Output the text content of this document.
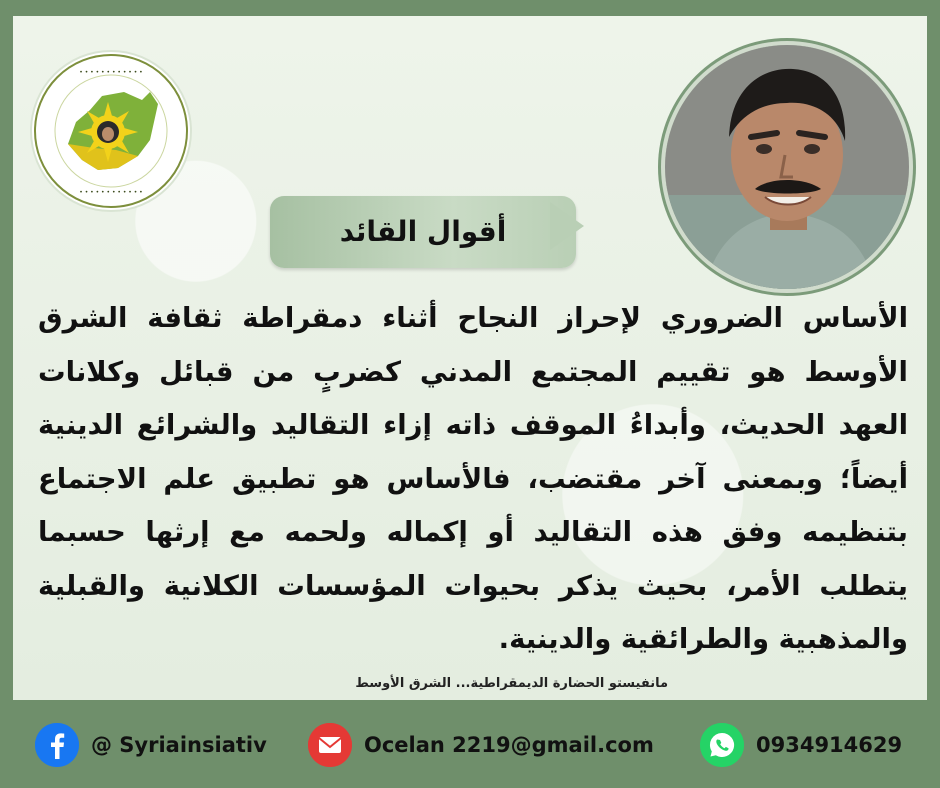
• • • • • • • • • • • •
• • • • • • • • • • • •
أقوال القائد
الأساس الضروري لإحراز النجاح أثناء دمقراطة ثقافة الشرق الأوسط هو تقييم المجتمع المدني كضربٍ من قبائل وكلانات العهد الحديث، وأبداءُ الموقف ذاته إزاء التقاليد والشرائع الدينية أيضاً؛ وبمعنى آخر مقتضب، فالأساس هو تطبيق علم الاجتماع بتنظيمه وفق هذه التقاليد أو إكماله ولحمه مع إرثها حسبما يتطلب الأمر، بحيث يذكر بحيوات المؤسسات الكلانية والقبلية والمذهبية والطرائقية والدينية.
مانفيستو الحضارة الديمقراطية... الشرق الأوسط
@ Syriainsiativ	Ocelan 2219@gmail.com	0934914629
